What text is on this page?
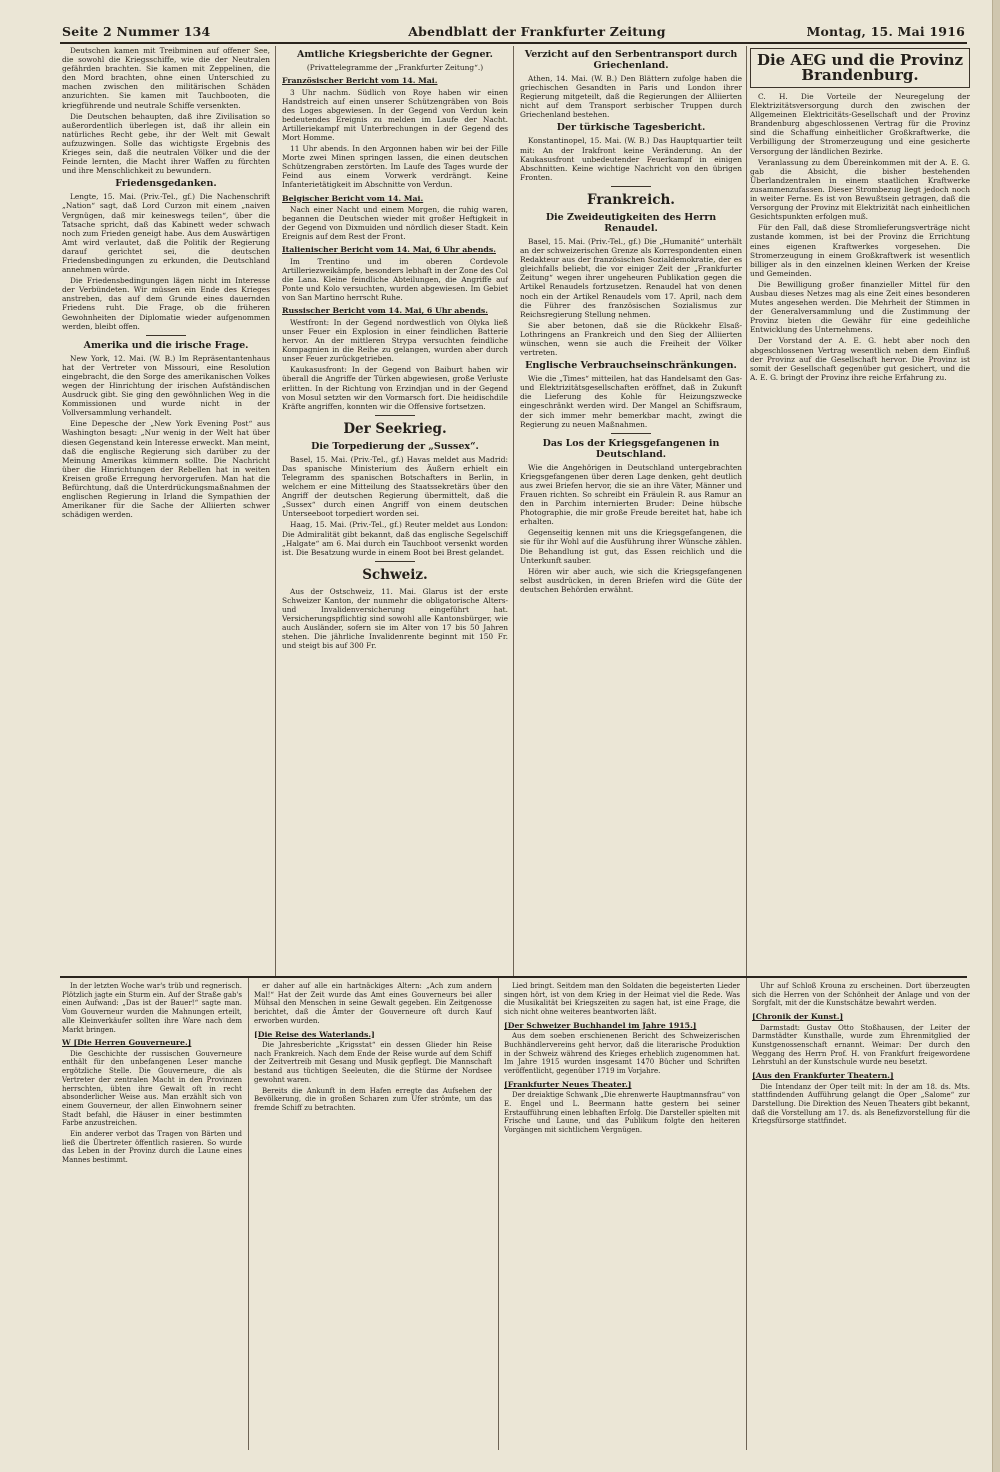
Seite 2 Nummer 134	Abendblatt der Frankfurter Zeitung	Montag, 15. Mai 1916

Deutschen kamen mit Treibminen auf offener See, die sowohl die Kriegsschiffe, wie die der Neutralen gefährden brachten. Sie kamen mit Zeppelinen, die den Mord brachten, ohne einen Unterschied zu machen zwischen den militärischen Schäden anzurichten. Sie kamen mit Tauchbooten, die kriegführende und neutrale Schiffe versenkten.

Die Deutschen behaupten, daß ihre Zivilisation so außerordentlich überlegen ist, daß ihr allein ein natürliches Recht gebe, ihr der Welt mit Gewalt aufzuzwingen. Solle das wichtigste Ergebnis des Krieges sein, daß die neutralen Völker und die der Feinde lernten, die Macht ihrer Waffen zu fürchten und ihre Menschlichkeit zu bewundern.

Friedensgedanken.

Lengte, 15. Mai. (Priv.-Tel., gf.) Die Nachenschrift „Nation“ sagt, daß Lord Curzon mit einem „naiven Vergnügen, daß mir keineswegs teilen“, über die Tatsache spricht, daß das Kabinett weder schwach noch zum Frieden geneigt habe. Aus dem Auswärtigen Amt wird verlautet, daß die Politik der Regierung darauf gerichtet sei, die deutschen Friedensbedingungen zu erkunden, die Deutschland annehmen würde.

Die Friedensbedingungen lägen nicht im Interesse der Verbündeten. Wir müssen ein Ende des Krieges anstreben, das auf dem Grunde eines dauernden Friedens ruht. Die Frage, ob die früheren Gewohnheiten der Diplomatie wieder aufgenommen werden, bleibt offen.

Amerika und die irische Frage.

New York, 12. Mai. (W. B.) Im Repräsentantenhaus hat der Vertreter von Missouri, eine Resolution eingebracht, die den Sorge des amerikanischen Volkes wegen der Hinrichtung der irischen Aufständischen Ausdruck gibt. Sie ging den gewöhnlichen Weg in die Kommissionen und wurde nicht in der Vollversammlung verhandelt.

Eine Depesche der „New York Evening Post“ aus Washington besagt: „Nur wenig in der Welt hat über diesen Gegenstand kein Interesse erweckt. Man meint, daß die englische Regierung sich darüber zu der Meinung Amerikas kümmern sollte. Die Nachricht über die Hinrichtungen der Rebellen hat in weiten Kreisen große Erregung hervorgerufen. Man hat die Befürchtung, daß die Unterdrückungsmaßnahmen der englischen Regierung in Irland die Sympathien der Amerikaner für die Sache der Alliierten schwer schädigen werden.

Amtliche Kriegsberichte der Gegner.
(Privattelegramme der „Frankfurter Zeitung“.)
Französischer Bericht vom 14. Mai.

3 Uhr nachm. Südlich von Roye haben wir einen Handstreich auf einen unserer Schützengräben von Bois des Loges abgewiesen. In der Gegend von Verdun kein bedeutendes Ereignis zu melden im Laufe der Nacht. Artilleriekampf mit Unterbrechungen in der Gegend des Mort Homme.

11 Uhr abends. In den Argonnen haben wir bei der Fille Morte zwei Minen springen lassen, die einen deutschen Schützengraben zerstörten. Im Laufe des Tages wurde der Feind aus einem Vorwerk verdrängt. Keine Infanterietätigkeit im Abschnitte von Verdun.

Belgischer Bericht vom 14. Mai.

Nach einer Nacht und einem Morgen, die ruhig waren, begannen die Deutschen wieder mit großer Heftigkeit in der Gegend von Dixmuiden und nördlich dieser Stadt. Kein Ereignis auf dem Rest der Front.

Italienischer Bericht vom 14. Mai, 6 Uhr abends.

Im Trentino und im oberen Cordevole Artilleriezweikämpfe, besonders lebhaft in der Zone des Col die Lana. Kleine feindliche Abteilungen, die Angriffe auf Ponte und Kolo versuchten, wurden abgewiesen. Im Gebiet von San Martino herrscht Ruhe.

Russischer Bericht vom 14. Mai, 6 Uhr abends.

Westfront: In der Gegend nordwestlich von Olyka ließ unser Feuer ein Explosion in einer feindlichen Batterie hervor. An der mittleren Strypa versuchten feindliche Kompagnien in die Reihe zu gelangen, wurden aber durch unser Feuer zurückgetrieben.

Kaukasusfront: In der Gegend von Baiburt haben wir überall die Angriffe der Türken abgewiesen, große Verluste erlitten. In der Richtung von Erzindjan und in der Gegend von Mosul setzten wir den Vormarsch fort. Die heidischdile Kräfte angriffen, konnten wir die Offensive fortsetzen.

Der Seekrieg.
Die Torpedierung der „Sussex“.

Basel, 15. Mai. (Priv.-Tel., gf.) Havas meldet aus Madrid: Das spanische Ministerium des Äußern erhielt ein Telegramm des spanischen Botschafters in Berlin, in welchem er eine Mitteilung des Staatssekretärs über den Angriff der deutschen Regierung übermittelt, daß die „Sussex“ durch einen Angriff von einem deutschen Unterseeboot torpediert worden sei.

Haag, 15. Mai. (Priv.-Tel., gf.) Reuter meldet aus London: Die Admiralität gibt bekannt, daß das englische Segelschiff „Halgate“ am 6. Mai durch ein Tauchboot versenkt worden ist. Die Besatzung wurde in einem Boot bei Brest gelandet.

Schweiz.

Aus der Ostschweiz, 11. Mai. Glarus ist der erste Schweizer Kanton, der nunmehr die obligatorische Alters- und Invalidenversicherung eingeführt hat. Versicherungspflichtig sind sowohl alle Kantonsbürger, wie auch Ausländer, sofern sie im Alter von 17 bis 50 Jahren stehen. Die jährliche Invalidenrente beginnt mit 150 Fr. und steigt bis auf 300 Fr.

Verzicht auf den Serbentransport durch Griechenland.

Athen, 14. Mai. (W. B.) Den Blättern zufolge haben die griechischen Gesandten in Paris und London ihrer Regierung mitgeteilt, daß die Regierungen der Alliierten nicht auf dem Transport serbischer Truppen durch Griechenland bestehen.

Der türkische Tagesbericht.

Konstantinopel, 15. Mai. (W. B.) Das Hauptquartier teilt mit: An der Irakfront keine Veränderung. An der Kaukasusfront unbedeutender Feuerkampf in einigen Abschnitten. Keine wichtige Nachricht von den übrigen Fronten.

Frankreich.
Die Zweideutigkeiten des Herrn Renaudel.

Basel, 15. Mai. (Priv.-Tel., gf.) Die „Humanité“ unterhält an der schweizerischen Grenze als Korrespondenten einen Redakteur aus der französischen Sozialdemokratie, der es gleichfalls beliebt, die vor einiger Zeit der „Frankfurter Zeitung“ wegen ihrer ungeheuren Publikation gegen die Artikel Renaudels fortzusetzen. Renaudel hat von denen noch ein der Artikel Renaudels vom 17. April, nach dem die Führer des französischen Sozialismus zur Reichsregierung Stellung nehmen.

Sie aber betonen, daß sie die Rückkehr Elsaß-Lothringens an Frankreich und den Sieg der Alliierten wünschen, wenn sie auch die Freiheit der Völker vertreten.

Englische Verbrauchseinschränkungen.

Wie die „Times“ mitteilen, hat das Handelsamt den Gas- und Elektrizitätsgesellschaften eröffnet, daß in Zukunft die Lieferung des Kohle für Heizungszwecke eingeschränkt werden wird. Der Mangel an Schiffsraum, der sich immer mehr bemerkbar macht, zwingt die Regierung zu neuen Maßnahmen.

Das Los der Kriegsgefangenen in Deutschland.

Wie die Angehörigen in Deutschland untergebrachten Kriegsgefangenen über deren Lage denken, geht deutlich aus zwei Briefen hervor, die sie an ihre Väter, Männer und Frauen richten. So schreibt ein Fräulein R. aus Ramur an den in Parchim internierten Bruder: Deine hübsche Photographie, die mir große Freude bereitet hat, habe ich erhalten.

Gegenseitig kennen mit uns die Kriegsgefangenen, die sie für ihr Wohl auf die Ausführung ihrer Wünsche zählen. Die Behandlung ist gut, das Essen reichlich und die Unterkunft sauber.

Hören wir aber auch, wie sich die Kriegsgefangenen selbst ausdrücken, in deren Briefen wird die Güte der deutschen Behörden erwähnt.

Die AEG und die Provinz Brandenburg.

C. H. Die Vorteile der Neuregelung der Elektrizitätsversorgung durch den zwischen der Allgemeinen Elektricitäts-Gesellschaft und der Provinz Brandenburg abgeschlossenen Vertrag für die Provinz sind die Schaffung einheitlicher Großkraftwerke, die Verbilligung der Stromerzeugung und eine gesicherte Versorgung der ländlichen Bezirke.

Veranlassung zu dem Übereinkommen mit der A. E. G. gab die Absicht, die bisher bestehenden Überlandzentralen in einem staatlichen Kraftwerke zusammenzufassen. Dieser Strombezug liegt jedoch noch in weiter Ferne. Es ist von Bewußtsein getragen, daß die Versorgung der Provinz mit Elektrizität nach einheitlichen Gesichtspunkten erfolgen muß.

Für den Fall, daß diese Stromlieferungsverträge nicht zustande kommen, ist bei der Provinz die Errichtung eines eigenen Kraftwerkes vorgesehen. Die Stromerzeugung in einem Großkraftwerk ist wesentlich billiger als in den einzelnen kleinen Werken der Kreise und Gemeinden.

Die Bewilligung großer finanzieller Mittel für den Ausbau dieses Netzes mag als eine Zeit eines besonderen Mutes angesehen werden. Die Mehrheit der Stimmen in der Generalversammlung und die Zustimmung der Provinz bieten die Gewähr für eine gedeihliche Entwicklung des Unternehmens.

Der Vorstand der A. E. G. hebt aber noch den abgeschlossenen Vertrag wesentlich neben dem Einfluß der Provinz auf die Gesellschaft hervor. Die Provinz ist somit der Gesellschaft gegenüber gut gesichert, und die A. E. G. bringt der Provinz ihre reiche Erfahrung zu.

In der letzten Woche war's trüb und regnerisch. Plötzlich jagte ein Sturm ein. Auf der Straße gab's einen Aufwand: „Das ist der Bauer!“ sagte man. Vom Gouverneur wurden die Mahnungen erteilt, alle Kleinverkäufer sollten ihre Ware nach dem Markt bringen.

W [Die Herren Gouverneure.]

Die Geschichte der russischen Gouverneure enthält für den unbefangenen Leser manche ergötzliche Stelle. Die Gouverneure, die als Vertreter der zentralen Macht in den Provinzen herrschten, übten ihre Gewalt oft in recht absonderlicher Weise aus. Man erzählt sich von einem Gouverneur, der allen Einwohnern seiner Stadt befahl, die Häuser in einer bestimmten Farbe anzustreichen.

Ein anderer verbot das Tragen von Bärten und ließ die Übertreter öffentlich rasieren. So wurde das Leben in der Provinz durch die Laune eines Mannes bestimmt.

er daher auf alle ein hartnäckiges Altern: „Ach zum andern Mal!“ Hat der Zeit wurde das Amt eines Gouverneurs bei aller Mühsal den Menschen in seine Gewalt gegeben. Ein Zeitgenosse berichtet, daß die Ämter der Gouverneure oft durch Kauf erworben wurden.

[Die Reise des Waterlands.]

Die Jahresberichte „Krigsstat“ ein dessen Glieder hin Reise nach Frankreich. Nach dem Ende der Reise wurde auf dem Schiff der Zeitvertreib mit Gesang und Musik gepflegt. Die Mannschaft bestand aus tüchtigen Seeleuten, die die Stürme der Nordsee gewohnt waren.

Bereits die Ankunft in dem Hafen erregte das Aufsehen der Bevölkerung, die in großen Scharen zum Ufer strömte, um das fremde Schiff zu betrachten.

Lied bringt. Seitdem man den Soldaten die begeisterten Lieder singen hört, ist von dem Krieg in der Heimat viel die Rede. Was die Musikalität bei Kriegszeiten zu sagen hat, ist eine Frage, die sich nicht ohne weiteres beantworten läßt.

[Der Schweizer Buchhandel im Jahre 1915.]

Aus dem soeben erschienenen Bericht des Schweizerischen Buchhändlervereins geht hervor, daß die literarische Produktion in der Schweiz während des Krieges erheblich zugenommen hat. Im Jahre 1915 wurden insgesamt 1470 Bücher und Schriften veröffentlicht, gegenüber 1719 im Vorjahre.

[Frankfurter Neues Theater.]

Der dreiaktige Schwank „Die ehrenwerte Hauptmannsfrau“ von E. Engel und L. Beermann hatte gestern bei seiner Erstaufführung einen lebhaften Erfolg. Die Darsteller spielten mit Frische und Laune, und das Publikum folgte den heiteren Vorgängen mit sichtlichem Vergnügen.

Uhr auf Schloß Krouna zu erscheinen. Dort überzeugten sich die Herren von der Schönheit der Anlage und von der Sorgfalt, mit der die Kunstschätze bewahrt werden.

[Chronik der Kunst.]

Darmstadt: Gustav Otto Stoßhausen, der Leiter der Darmstädter Kunsthalle, wurde zum Ehrenmitglied der Kunstgenossenschaft ernannt. Weimar: Der durch den Weggang des Herrn Prof. H. von Frankfurt freigewordene Lehrstuhl an der Kunstschule wurde neu besetzt.

[Aus den Frankfurter Theatern.]

Die Intendanz der Oper teilt mit: In der am 18. ds. Mts. stattfindenden Aufführung gelangt die Oper „Salome“ zur Darstellung. Die Direktion des Neuen Theaters gibt bekannt, daß die Vorstellung am 17. ds. als Benefizvorstellung für die Kriegsfürsorge stattfindet.
